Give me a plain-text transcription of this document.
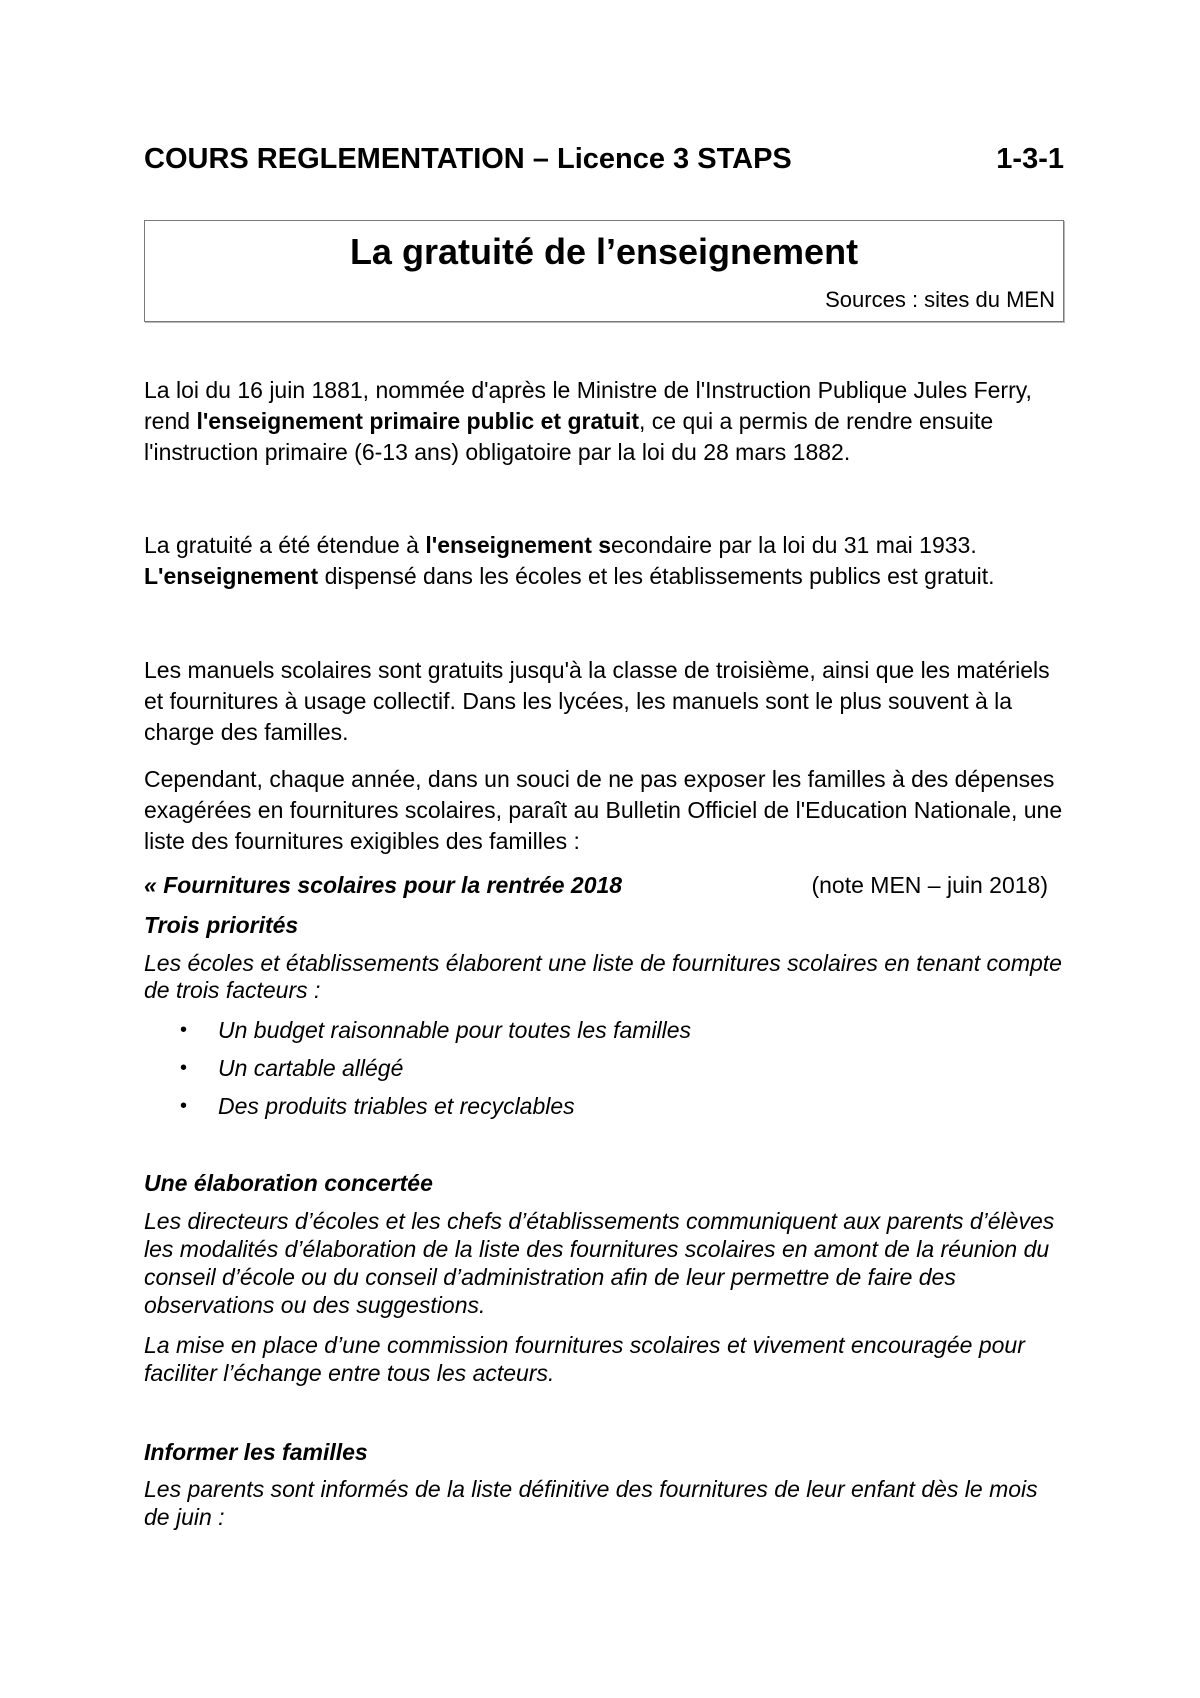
COURS REGLEMENTATION – Licence 3 STAPS	1-3-1
La gratuité de l’enseignement
Sources : sites du MEN
La loi du 16 juin 1881, nommée d'après le Ministre de l'Instruction Publique Jules Ferry, rend l'enseignement primaire public et gratuit, ce qui a permis de rendre ensuite l'instruction primaire (6-13 ans) obligatoire par la loi du 28 mars 1882.
La gratuité a été étendue à l'enseignement secondaire par la loi du 31 mai 1933.
L'enseignement dispensé dans les écoles et les établissements publics est gratuit.
Les manuels scolaires sont gratuits jusqu'à la classe de troisième, ainsi que les matériels et fournitures à usage collectif. Dans les lycées, les manuels sont le plus souvent à la charge des familles.
Cependant, chaque année, dans un souci de ne pas exposer les familles à des dépenses exagérées en fournitures scolaires, paraît au Bulletin Officiel de l'Education Nationale, une liste des fournitures exigibles des familles :
« Fournitures scolaires pour la rentrée 2018	(note MEN – juin 2018)
Trois priorités
Les écoles et établissements élaborent une liste de fournitures scolaires en tenant compte de trois facteurs :
• Un budget raisonnable pour toutes les familles
• Un cartable allégé
• Des produits triables et recyclables
Une élaboration concertée
Les directeurs d’écoles et les chefs d’établissements communiquent aux parents d’élèves les modalités d’élaboration de la liste des fournitures scolaires en amont de la réunion du conseil d’école ou du conseil d’administration afin de leur permettre de faire des observations ou des suggestions.
La mise en place d’une commission fournitures scolaires et vivement encouragée pour faciliter l’échange entre tous les acteurs.
Informer les familles
Les parents sont informés de la liste définitive des fournitures de leur enfant dès le mois de juin :
